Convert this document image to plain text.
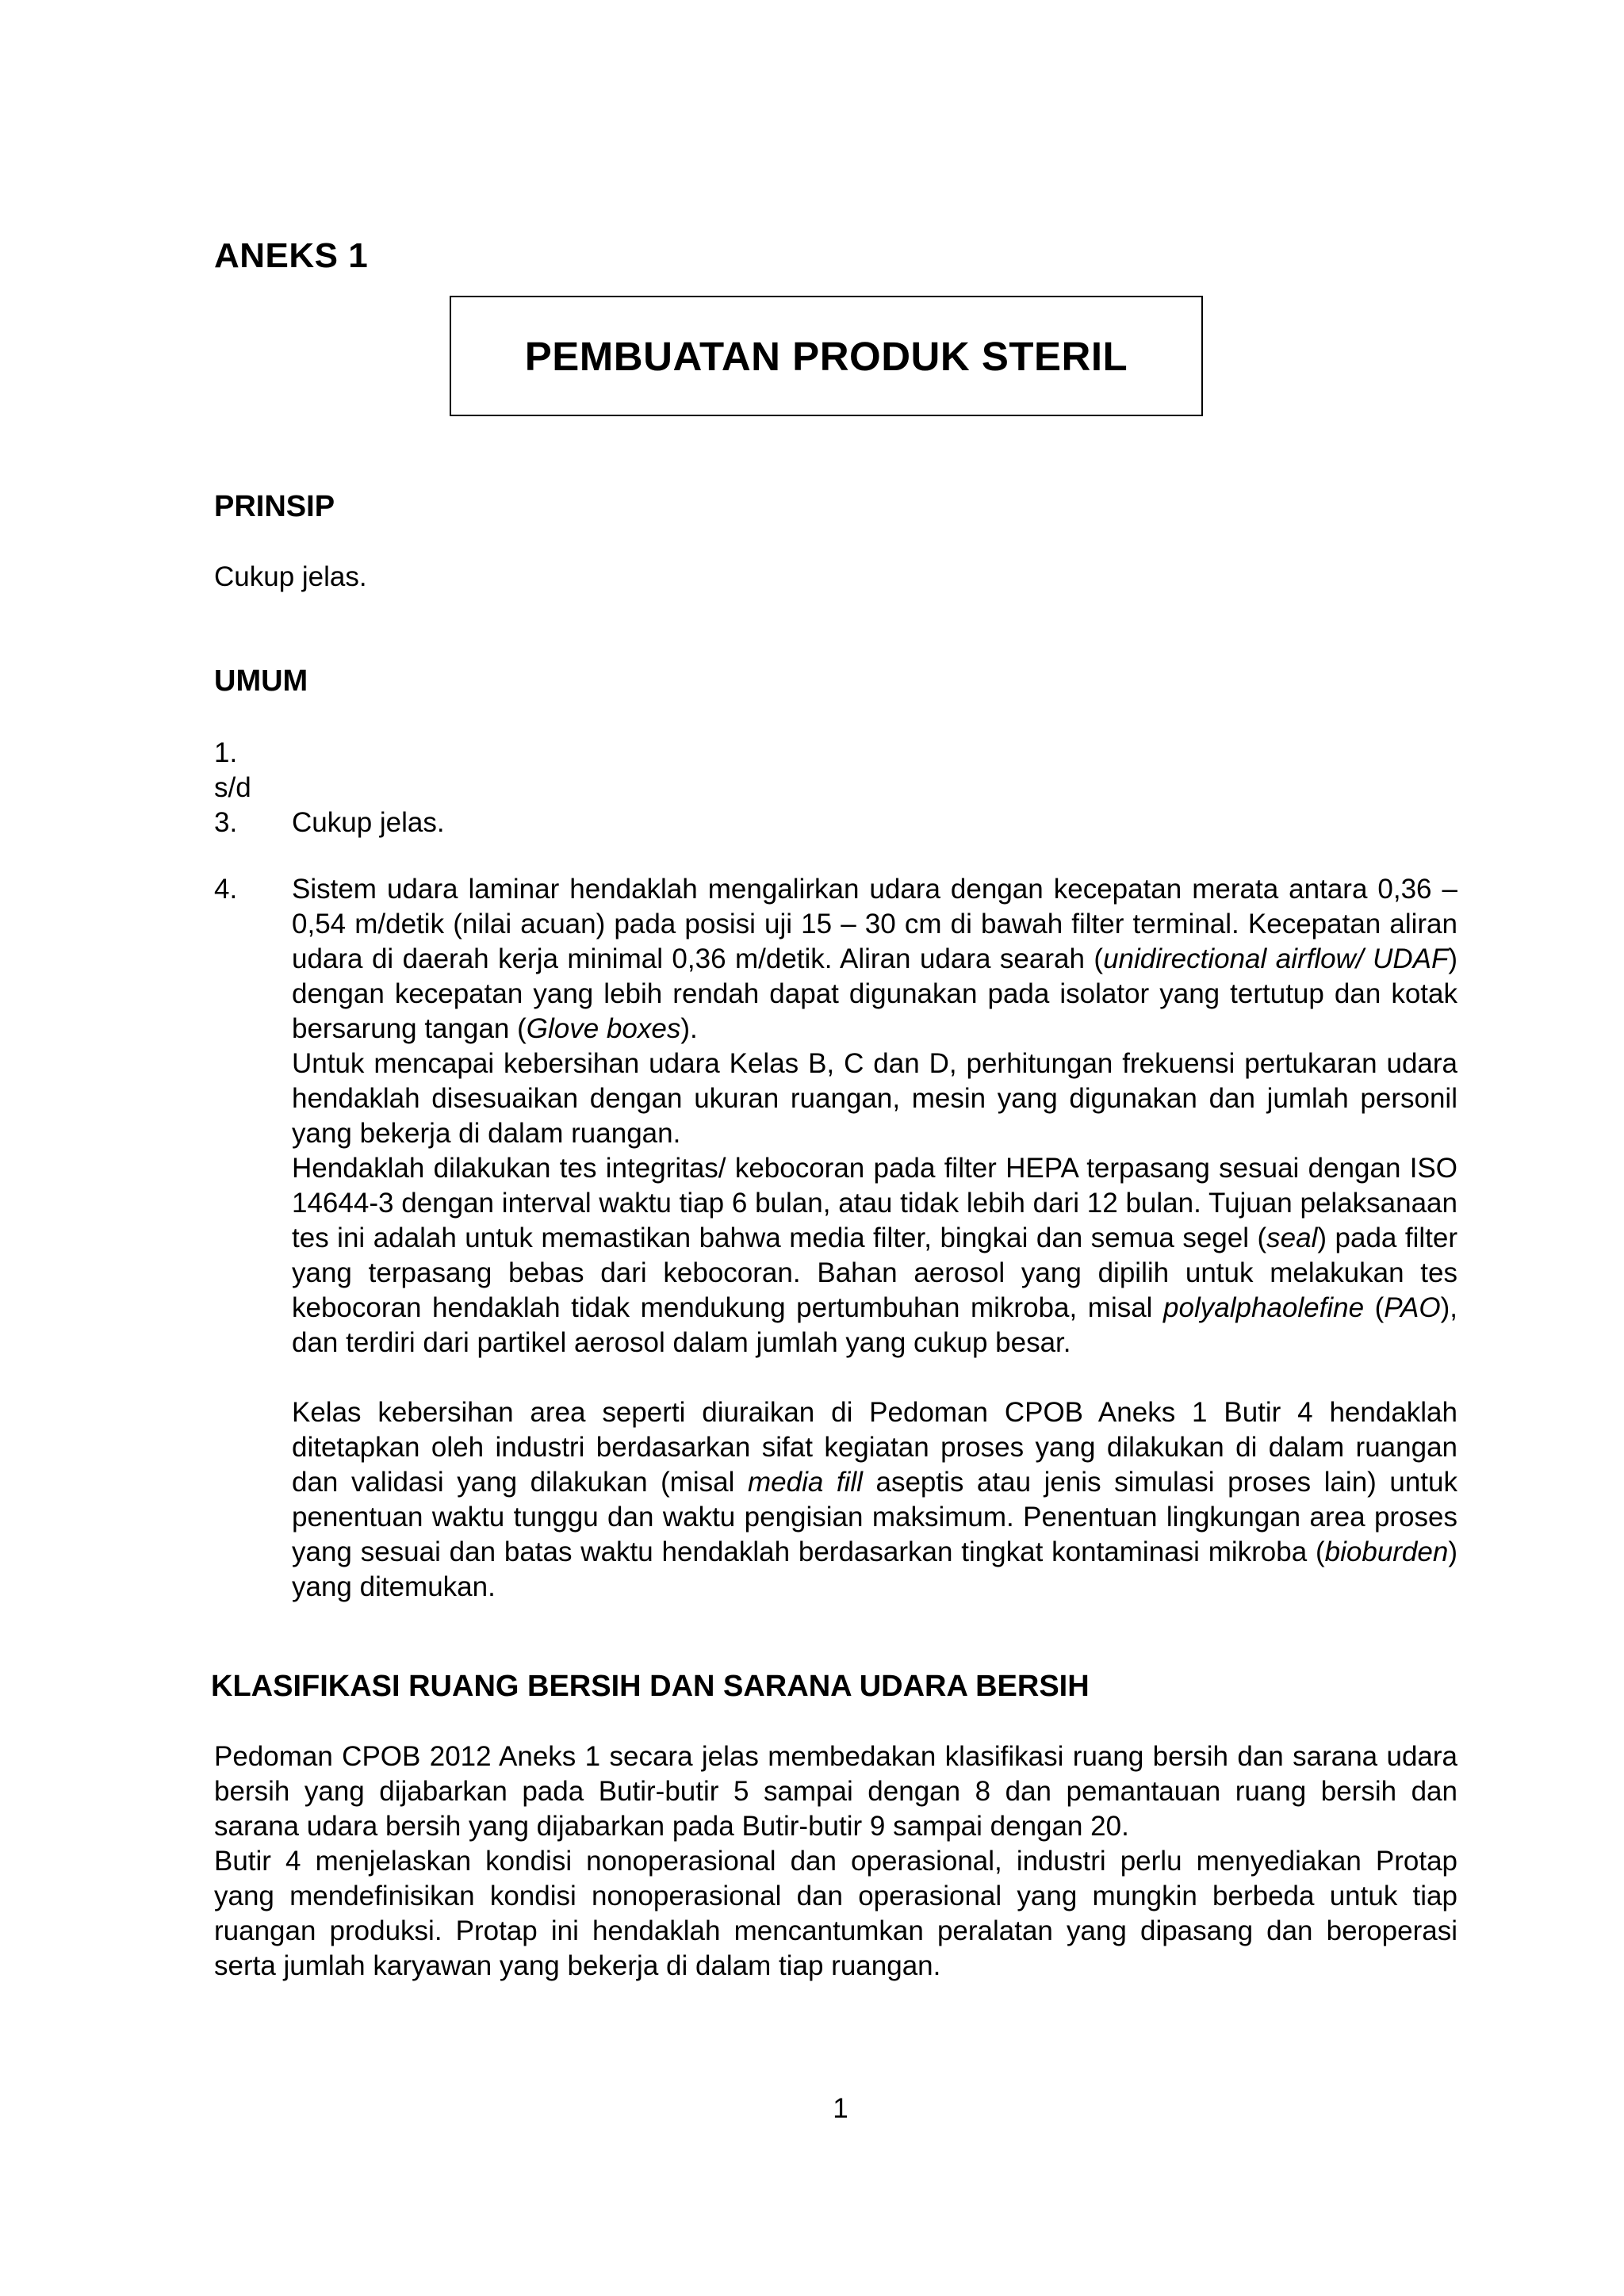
ANEKS 1
PEMBUATAN PRODUK STERIL
PRINSIP
Cukup jelas.
UMUM
1.
s/d
3. Cukup jelas.
4. Sistem udara laminar hendaklah mengalirkan udara dengan kecepatan merata antara 0,36 – 0,54 m/detik (nilai acuan) pada posisi uji 15 – 30 cm di bawah filter terminal. Kecepatan aliran udara di daerah kerja minimal 0,36 m/detik. Aliran udara searah (unidirectional airflow/ UDAF) dengan kecepatan yang lebih rendah dapat digunakan pada isolator yang tertutup dan kotak bersarung tangan (Glove boxes).

Untuk mencapai kebersihan udara Kelas B, C dan D, perhitungan frekuensi pertukaran udara hendaklah disesuaikan dengan ukuran ruangan, mesin yang digunakan dan jumlah personil yang bekerja di dalam ruangan.

Hendaklah dilakukan tes integritas/ kebocoran pada filter HEPA terpasang sesuai dengan ISO 14644-3 dengan interval waktu tiap 6 bulan, atau tidak lebih dari 12 bulan. Tujuan pelaksanaan tes ini adalah untuk memastikan bahwa media filter, bingkai dan semua segel (seal) pada filter yang terpasang bebas dari kebocoran. Bahan aerosol yang dipilih untuk melakukan tes kebocoran hendaklah tidak mendukung pertumbuhan mikroba, misal polyalphaolefine (PAO), dan terdiri dari partikel aerosol dalam jumlah yang cukup besar.

Kelas kebersihan area seperti diuraikan di Pedoman CPOB Aneks 1 Butir 4 hendaklah ditetapkan oleh industri berdasarkan sifat kegiatan proses yang dilakukan di dalam ruangan dan validasi yang dilakukan (misal media fill aseptis atau jenis simulasi proses lain) untuk penentuan waktu tunggu dan waktu pengisian maksimum. Penentuan lingkungan area proses yang sesuai dan batas waktu hendaklah berdasarkan tingkat kontaminasi mikroba (bioburden) yang ditemukan.

KLASIFIKASI RUANG BERSIH DAN SARANA UDARA BERSIH

Pedoman CPOB 2012 Aneks 1 secara jelas membedakan klasifikasi ruang bersih dan sarana udara bersih yang dijabarkan pada Butir-butir 5 sampai dengan 8 dan pemantauan ruang bersih dan sarana udara bersih yang dijabarkan pada Butir-butir 9 sampai dengan 20.

Butir 4 menjelaskan kondisi nonoperasional dan operasional, industri perlu menyediakan Protap yang mendefinisikan kondisi nonoperasional dan operasional yang mungkin berbeda untuk tiap ruangan produksi. Protap ini hendaklah mencantumkan peralatan yang dipasang dan beroperasi serta jumlah karyawan yang bekerja di dalam tiap ruangan.

1
